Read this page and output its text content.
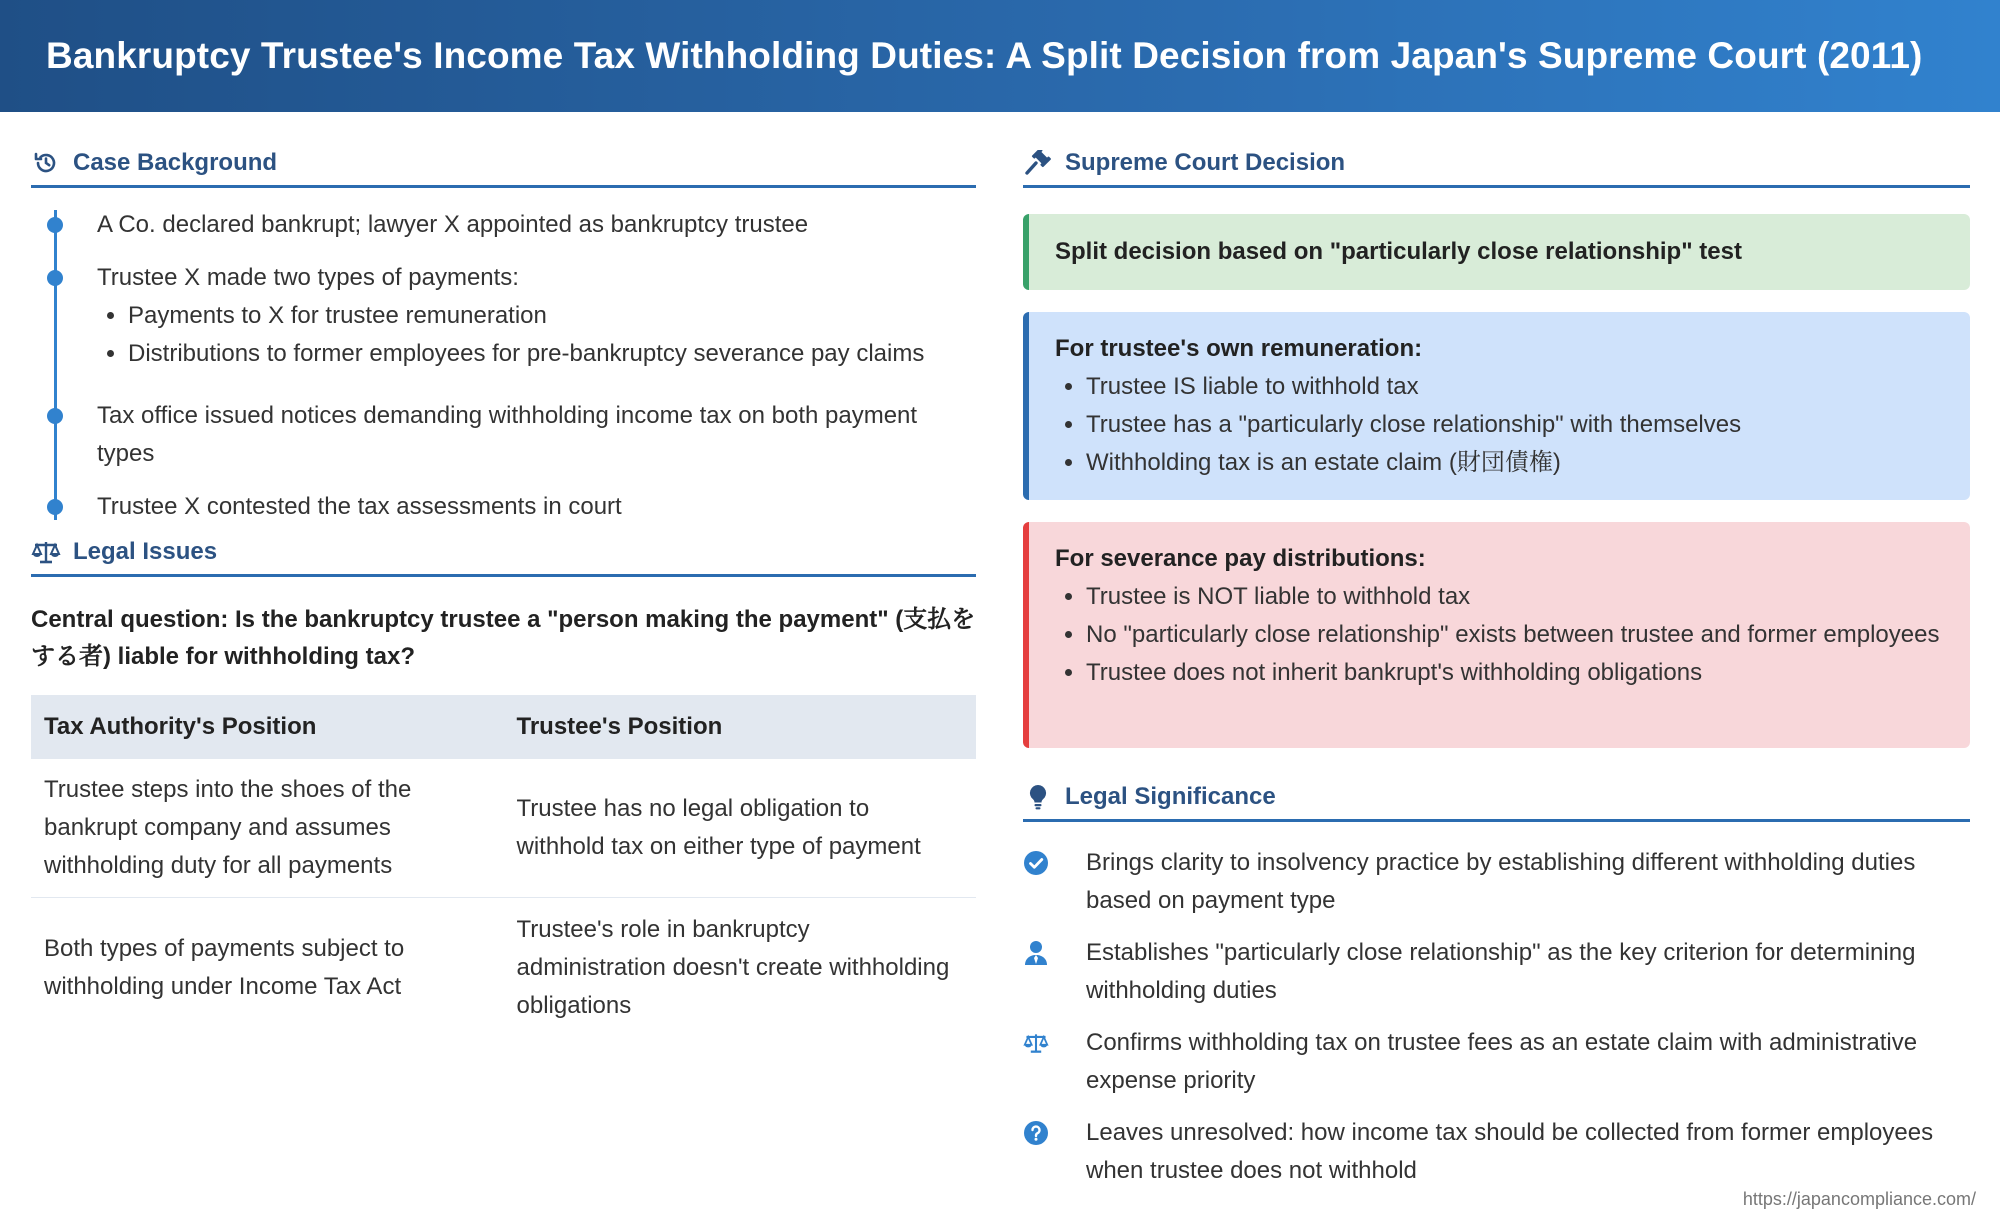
Bankruptcy Trustee's Income Tax Withholding Duties: A Split Decision from Japan's Supreme Court (2011)
Case Background
A Co. declared bankrupt; lawyer X appointed as bankruptcy trustee
Trustee X made two types of payments:
• Payments to X for trustee remuneration
• Distributions to former employees for pre-bankruptcy severance pay claims
Tax office issued notices demanding withholding income tax on both payment types
Trustee X contested the tax assessments in court
Legal Issues
Central question: Is the bankruptcy trustee a "person making the payment" (支払をする者) liable for withholding tax?
Tax Authority's Position	Trustee's Position
Trustee steps into the shoes of the bankrupt company and assumes withholding duty for all payments	Trustee has no legal obligation to withhold tax on either type of payment
Both types of payments subject to withholding under Income Tax Act	Trustee's role in bankruptcy administration doesn't create withholding obligations
Supreme Court Decision
Split decision based on "particularly close relationship" test
For trustee's own remuneration:
• Trustee IS liable to withhold tax
• Trustee has a "particularly close relationship" with themselves
• Withholding tax is an estate claim (財団債権)
For severance pay distributions:
• Trustee is NOT liable to withhold tax
• No "particularly close relationship" exists between trustee and former employees
• Trustee does not inherit bankrupt's withholding obligations
Legal Significance
Brings clarity to insolvency practice by establishing different withholding duties based on payment type
Establishes "particularly close relationship" as the key criterion for determining withholding duties
Confirms withholding tax on trustee fees as an estate claim with administrative expense priority
Leaves unresolved: how income tax should be collected from former employees when trustee does not withhold
https://japancompliance.com/
